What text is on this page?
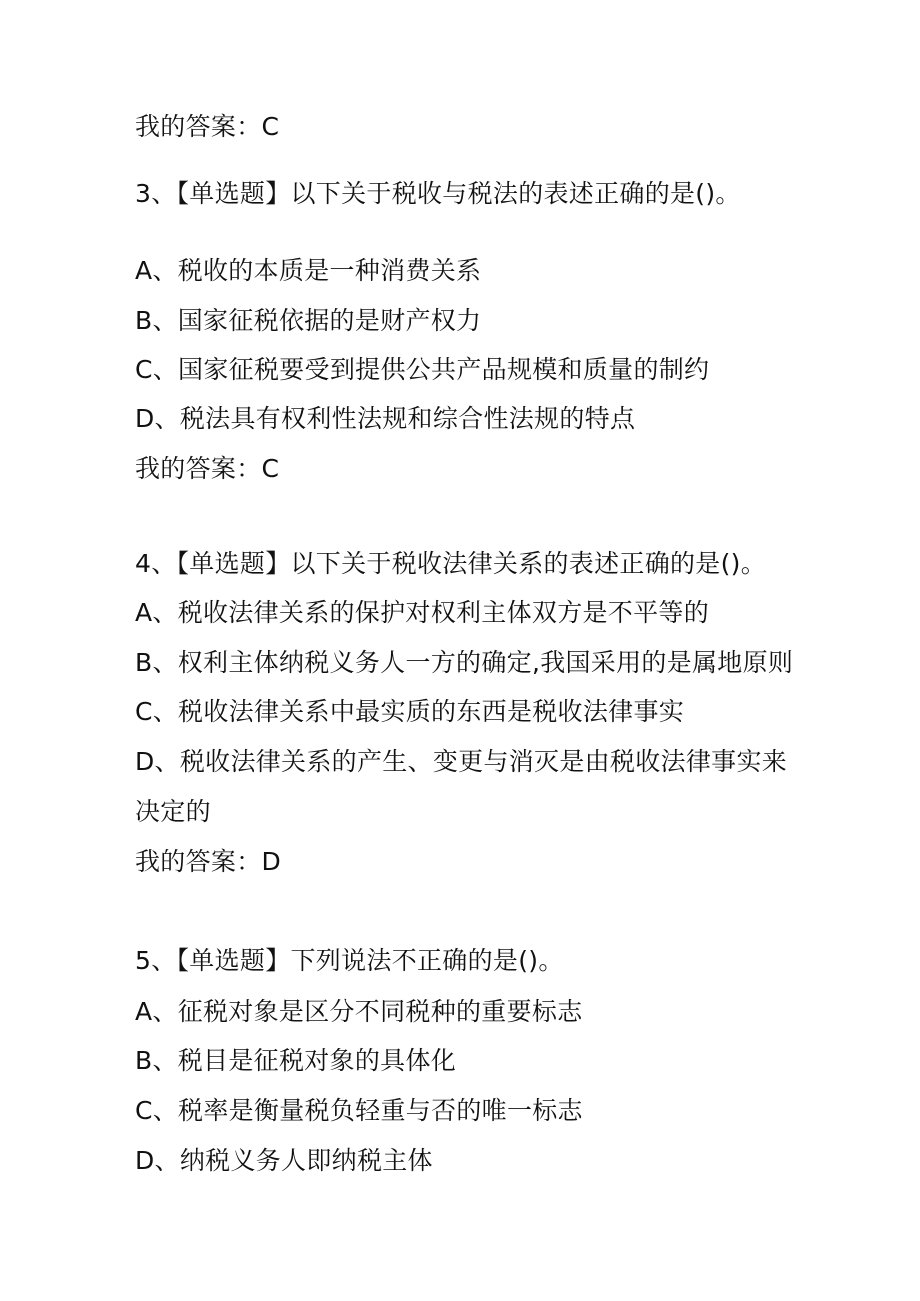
我的答案：C
3、【单选题】以下关于税收与税法的表述正确的是()。
A、税收的本质是一种消费关系
B、国家征税依据的是财产权力
C、国家征税要受到提供公共产品规模和质量的制约
D、税法具有权利性法规和综合性法规的特点
我的答案：C
4、【单选题】以下关于税收法律关系的表述正确的是()。
A、税收法律关系的保护对权利主体双方是不平等的
B、权利主体纳税义务人一方的确定,我国采用的是属地原则
C、税收法律关系中最实质的东西是税收法律事实
D、税收法律关系的产生、变更与消灭是由税收法律事实来
决定的
我的答案：D
5、【单选题】下列说法不正确的是()。
A、征税对象是区分不同税种的重要标志
B、税目是征税对象的具体化
C、税率是衡量税负轻重与否的唯一标志
D、纳税义务人即纳税主体
